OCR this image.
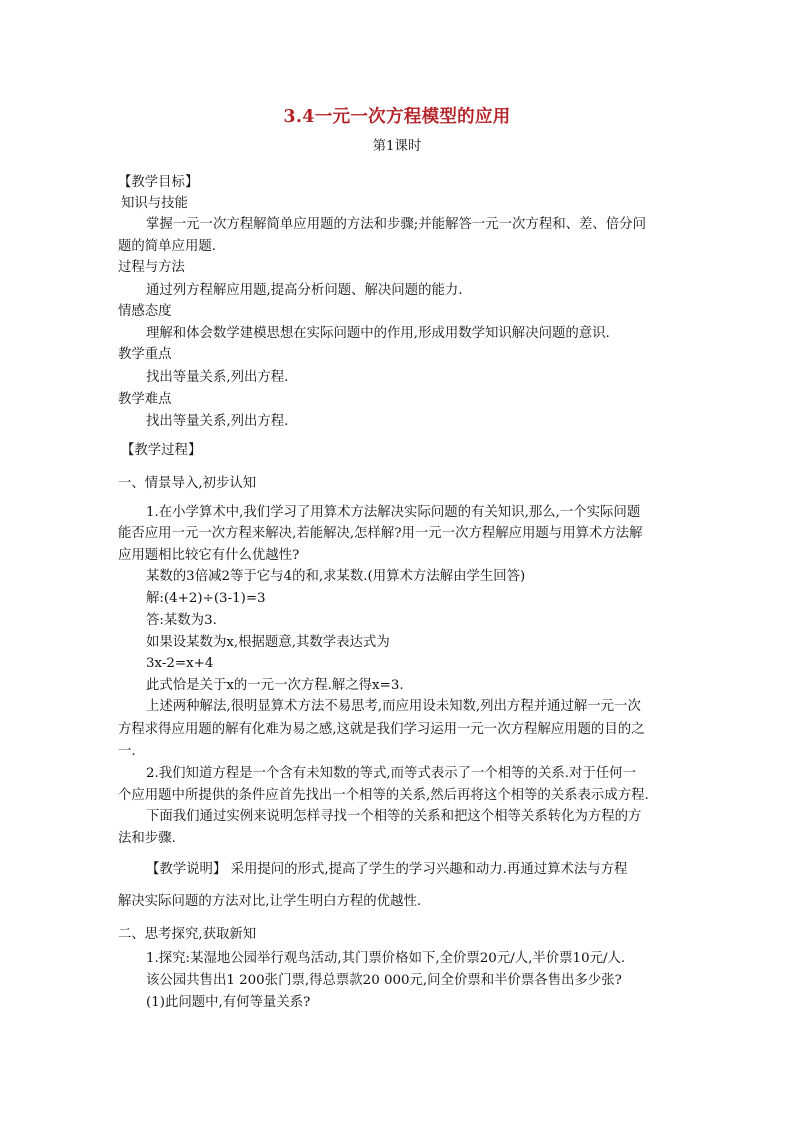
3.4一元一次方程模型的应用
第1课时
【教学目标】
知识与技能
掌握一元一次方程解简单应用题的方法和步骤;并能解答一元一次方程和、差、倍分问
题的简单应用题.
过程与方法
通过列方程解应用题,提高分析问题、解决问题的能力.
情感态度
理解和体会数学建模思想在实际问题中的作用,形成用数学知识解决问题的意识.
教学重点
找出等量关系,列出方程.
教学难点
找出等量关系,列出方程.
【教学过程】
一、情景导入,初步认知
1.在小学算术中,我们学习了用算术方法解决实际问题的有关知识,那么,一个实际问题
能否应用一元一次方程来解决,若能解决,怎样解?用一元一次方程解应用题与用算术方法解
应用题相比较它有什么优越性?
某数的3倍减2等于它与4的和,求某数.(用算术方法解由学生回答)
解:(4+2)÷(3-1)=3
答:某数为3.
如果设某数为x,根据题意,其数学表达式为
3x-2=x+4
此式恰是关于x的一元一次方程.解之得x=3.
上述两种解法,很明显算术方法不易思考,而应用设未知数,列出方程并通过解一元一次
方程求得应用题的解有化难为易之感,这就是我们学习运用一元一次方程解应用题的目的之
一.
2.我们知道方程是一个含有未知数的等式,而等式表示了一个相等的关系.对于任何一
个应用题中所提供的条件应首先找出一个相等的关系,然后再将这个相等的关系表示成方程.
下面我们通过实例来说明怎样寻找一个相等的关系和把这个相等关系转化为方程的方
法和步骤.
【教学说明】 采用提问的形式,提高了学生的学习兴趣和动力.再通过算术法与方程
解决实际问题的方法对比,让学生明白方程的优越性.
二、思考探究,获取新知
1.探究:某湿地公园举行观鸟活动,其门票价格如下,全价票20元/人,半价票10元/人.
该公园共售出1 200张门票,得总票款20 000元,问全价票和半价票各售出多少张?
(1)此问题中,有何等量关系?
